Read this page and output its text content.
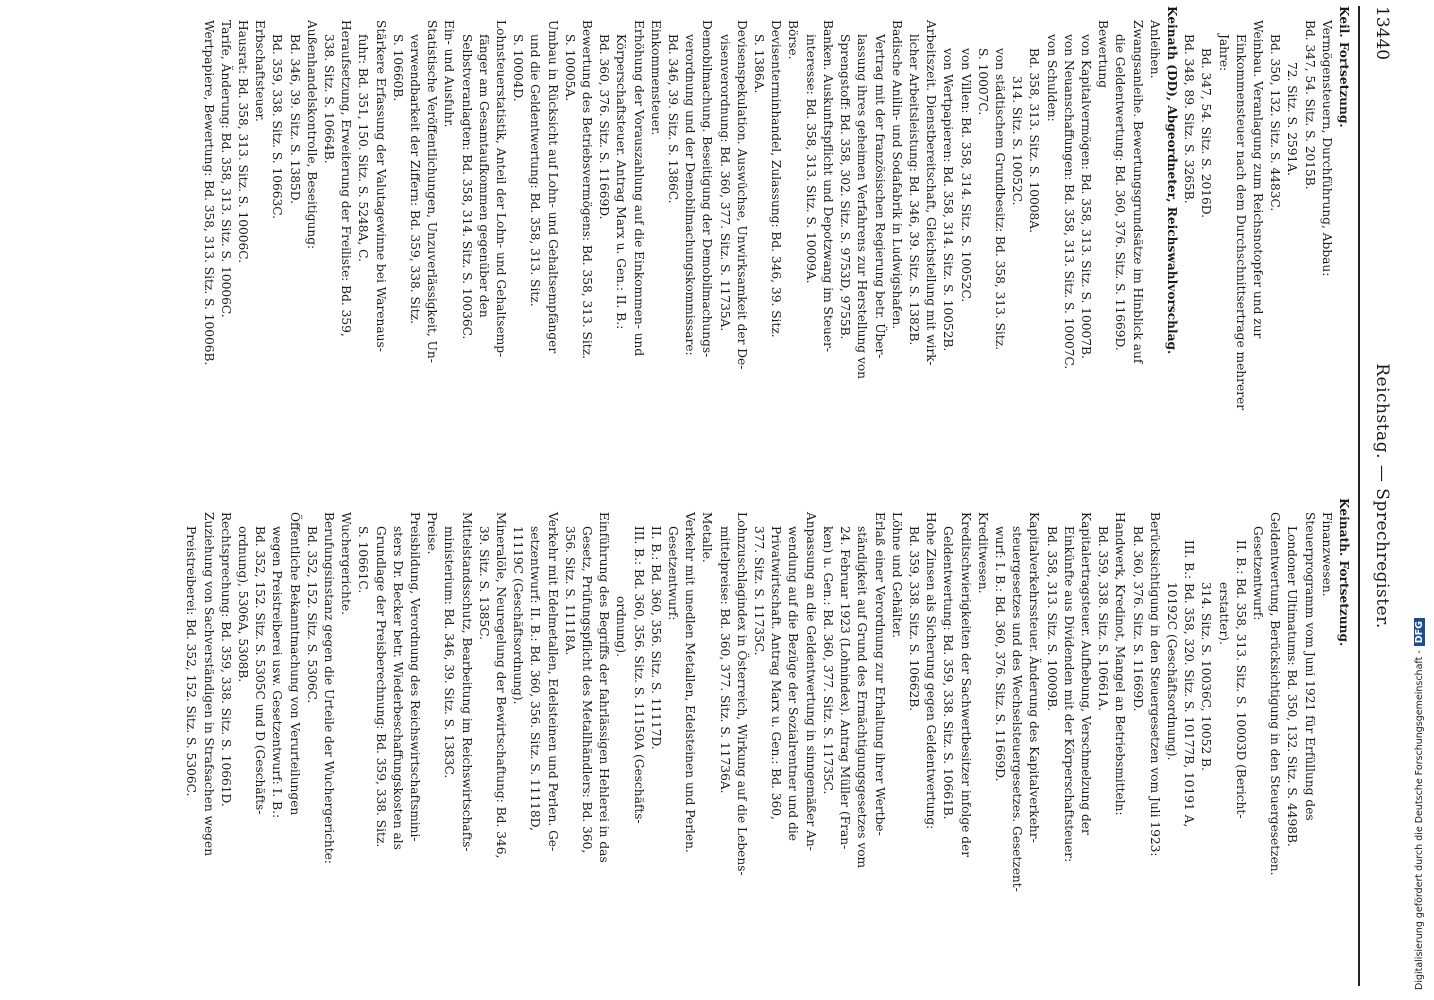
13440
Reichstag. — Sprechregister.
Keil. Fortsetzung.
Vermögensteuern, Durchführung, Abbau:
Bd. 347, 54. Sitz. S. 2015B.
72. Sitz. S. 2591A.
Bd. 350, 132. Sitz. S. 4483C.
Weinbau. Veranlagung zum Reichsnotopfer und zur
Einkommensteuer nach dem Durchschnittsertrage mehrerer
Jahre:
Bd. 347, 54. Sitz. S. 2016D.
Bd. 348, 89. Sitz. S. 3265B.
Keinath (DD), Abgeordneter, Reichswahlvorschlag.
Anleihen.
Zwangsanleihe. Bewertungsgrundsätze im Hinblick auf
die Geldentwertung: Bd. 360, 376. Sitz. S. 11669D.
Bewertung
von Kapitalvermögen: Bd. 358, 313. Sitz. S. 10007B.
von Neuanschaffungen: Bd. 358, 313. Sitz. S. 10007C.
von Schulden:
Bd. 358, 313. Sitz. S. 10008A.
314. Sitz. S. 10052C.
von städtischem Grundbesitz: Bd. 358, 313. Sitz.
S. 10007C.
von Villen: Bd. 358, 314. Sitz. S. 10052C.
von Wertpapieren: Bd. 358, 314. Sitz. S. 10052B.
Arbeitszeit. Dienstbereitschaft, Gleichstellung mit wirk-
licher Arbeitsleistung: Bd. 346, 39. Sitz. S. 1382B.
Badische Anilin- und Sodafabrik in Ludwigshafen.
Vertrag mit der französischen Regierung betr. Über-
lassung ihres geheimen Verfahrens zur Herstellung von
Sprengstoff: Bd. 358, 302. Sitz. S. 9753D, 9755B.
Banken. Auskunftspflicht und Depotzwang im Steuer-
interesse: Bd. 358, 313. Sitz. S. 10009A.
Börse.
Devisenterminhandel, Zulassung: Bd. 346, 39. Sitz.
S. 1386A.
Devisenspekulation. Auswüchse, Unwirksamkeit der De-
visenverordnung: Bd. 360, 377. Sitz. S. 11735A.
Demobilmachung. Beseitigung der Demobilmachungs-
verordnung und der Demobilmachungskommissare:
Bd. 346, 39. Sitz. S. 1386C.
Einkommensteuer.
Erhöhung der Vorauszahlung auf die Einkommen- und
Körperschaftsteuer. Antrag Marx u. Gen.: II. B.:
Bd. 360, 376. Sitz. S. 11669D.
Bewertung des Betriebsvermögens: Bd. 358, 313. Sitz.
S. 10005A.
Umbau in Rücksicht auf Lohn- und Gehaltsempfänger
und die Geldentwertung: Bd. 358, 313. Sitz.
S. 10004D.
Lohnsteuerstatistik, Anteil der Lohn- und Gehaltsemp-
fänger am Gesamtaufkommen gegenüber den
Selbstveranlagten: Bd. 358, 314. Sitz. S. 10036C.
Ein- und Ausfuhr.
Statistische Veröffentlichungen, Unzuverlässigkeit, Un-
verwendbarkeit der Ziffern: Bd. 359, 338. Sitz.
S. 10660B.
Stärkere Erfassung der Valutagewinne bei Warenaus-
fuhr: Bd. 351, 150. Sitz. S. 5248A, C.
Heraufsetzung, Erweiterung der Freiliste: Bd. 359,
338. Sitz. S. 10664B.
Außenhandelskontrolle, Beseitigung:
Bd. 346, 39. Sitz. S. 1385D.
Bd. 359, 338. Sitz. S. 10663C.
Erbschaftsteuer.
Hausrat: Bd. 358, 313. Sitz. S. 10006C.
Tarife, Änderung: Bd. 358, 313. Sitz. S. 10006C.
Wertpapiere, Bewertung: Bd. 358, 313. Sitz. S. 10006B.
Keinath. Fortsetzung.
Finanzwesen.
Steuerprogramm vom Juni 1921 für Erfüllung des
Londoner Ultimatums: Bd. 350, 132. Sitz. S. 4498B.
Geldentwertung, Berücksichtigung in den Steuergesetzen.
Gesetzentwurf:
II. B.: Bd. 358, 313. Sitz. S. 10003D (Bericht-
erstatter).
314. Sitz. S. 10036C, 10052 B.
III. B.: Bd. 358, 320. Sitz. S. 10177B, 10191 A,
10192C (Geschäftsordnung).
Berücksichtigung in den Steuergesetzen vom Juli 1923:
Bd. 360, 376. Sitz. S. 11669D.
Handwerk, Kredinot, Mangel an Betriebsmitteln:
Bd. 359, 338. Sitz. S. 10661A.
Kapitalertragsteuer. Aufhebung, Verschmelzung der
Einkünfte aus Dividenden mit der Körperschaftsteuer:
Bd. 358, 313. Sitz. S. 10009B.
Kapitalverkehrssteuer. Änderung des Kapitalverkehr-
steuergesetzes und des Wechselsteuergesetzes. Gesetzent-
wurf: I. B.: Bd. 360, 376. Sitz. S. 11669D.
Kreditwesen.
Kreditschwierigkeiten der Sachwertbesitzer infolge der
Geldentwertung: Bd. 359, 338. Sitz. S. 10661B.
Hohe Zinsen als Sicherung gegen Geldentwertung:
Bd. 359, 338. Sitz. S. 10662B.
Löhne und Gehälter.
Erlaß einer Verordnung zur Erhaltung ihrer Wertbe-
ständigkeit auf Grund des Ermächtigungsgesetzes vom
24. Februar 1923 (Lohnindex). Antrag Müller (Fran-
ken) u. Gen.: Bd. 360, 377. Sitz. S. 11735C.
Anpassung an die Geldentwertung in sinngemäßer An-
wendung auf die Bezüge der Sozialrentner und die
Privatwirtschaft. Antrag Marx u. Gen.: Bd. 360,
377. Sitz. S. 11735C.
Lohnzuschlagindex in Österreich, Wirkung auf die Lebens-
mittelpreise: Bd. 360, 377. Sitz. S. 11736A.
Metalle.
Verkehr mit unedlen Metallen, Edelsteinen und Perlen.
Gesetzentwurf:
II. B.: Bd. 360, 356. Sitz. S. 11117D.
III. B.: Bd. 360, 356. Sitz. S. 11150A (Geschäfts-
ordnung).
Einführung des Begriffs der fahrlässigen Hehlerei in das
Gesetz, Prüfungspflicht des Metallhändlers: Bd. 360,
356. Sitz. S. 11118A.
Verkehr mit Edelmetallen, Edelsteinen und Perlen. Ge-
setzentwurf: II. B.: Bd. 360, 356. Sitz. S. 11118D,
11119C (Geschäftsordnung).
Mineralöle, Neuregelung der Bewirtschaftung: Bd. 346,
39. Sitz. S. 1385C.
Mittelstandsschutz, Bearbeitung im Reichswirtschafts-
ministerium: Bd. 346, 39. Sitz. S. 1383C.
Preise.
Preisbildung, Verordnung des Reichswirtschaftsmini-
sters Dr. Becker betr. Wiederbeschaffungskosten als
Grundlage der Preisberechnung: Bd. 359, 338. Sitz.
S. 10661C.
Wuchergerichte.
Berufungsinstanz gegen die Urteile der Wuchergerichte:
Bd. 352, 152. Sitz. S. 5306C.
Öffentliche Bekanntmachung von Verurteilungen
wegen Preistreiberei usw. Gesetzentwurf: I. B.:
Bd. 352, 152. Sitz. S. 5305C und D (Geschäfts-
ordnung), 5306A, 5308B.
Rechtsprechung: Bd. 359, 338. Sitz. S. 10661D.
Zuziehung von Sachverständigen in Strafsachen wegen
Preistreiberei: Bd. 352, 152. Sitz. S. 5306C.	Digitalisierung gefördert durch die Deutsche Forschungsgemeinschaft -DFG
